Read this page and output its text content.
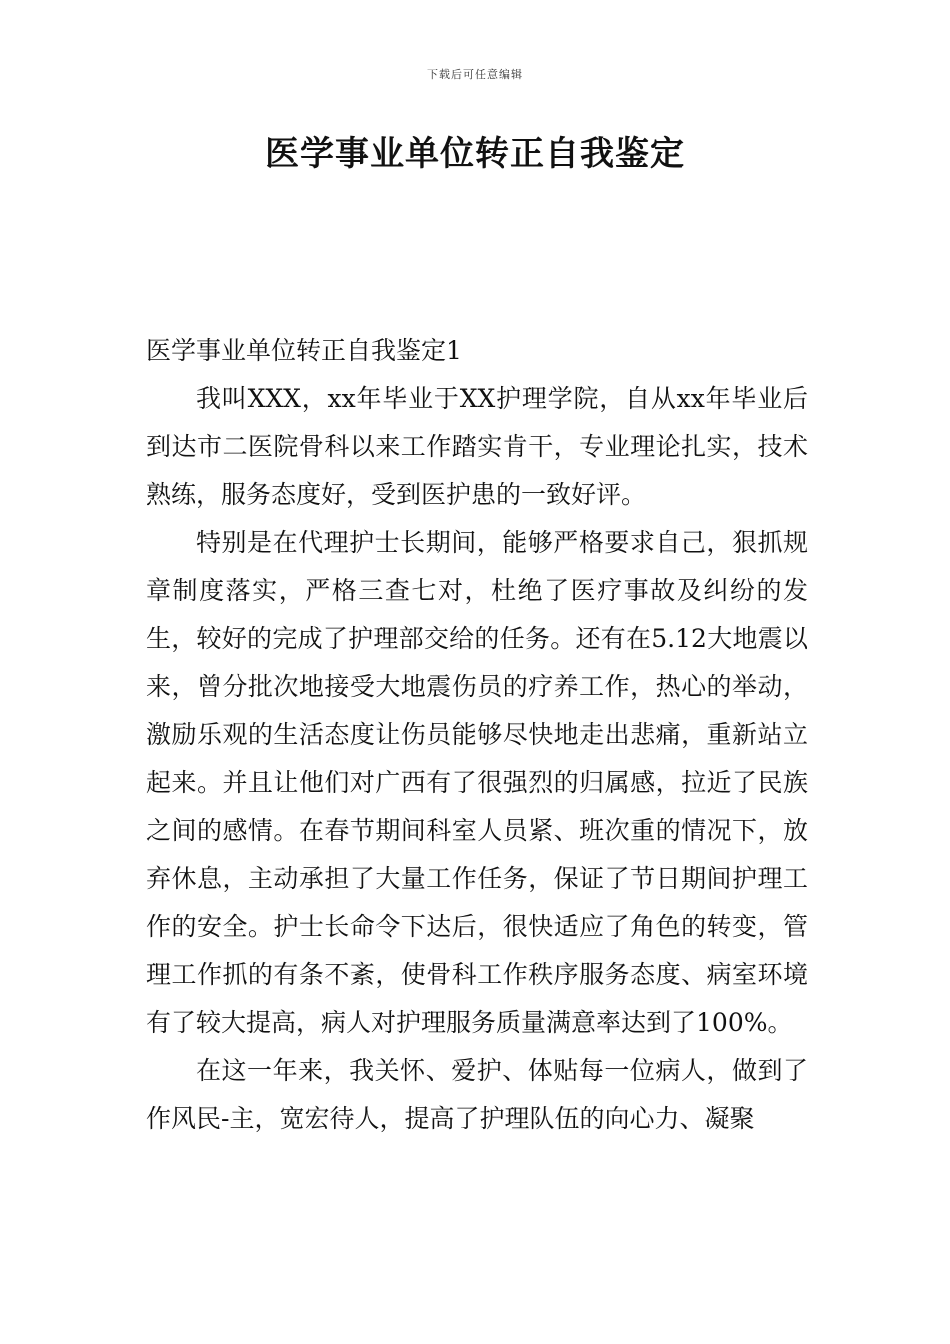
下载后可任意编辑
医学事业单位转正自我鉴定

医学事业单位转正自我鉴定1

我叫XXX，xx年毕业于XX护理学院，自从xx年毕业后到达市二医院骨科以来工作踏实肯干，专业理论扎实，技术熟练，服务态度好，受到医护患的一致好评。

特别是在代理护士长期间，能够严格要求自己，狠抓规章制度落实，严格三查七对，杜绝了医疗事故及纠纷的发生，较好的完成了护理部交给的任务。还有在5.12大地震以来，曾分批次地接受大地震伤员的疗养工作，热心的举动，激励乐观的生活态度让伤员能够尽快地走出悲痛，重新站立起来。并且让他们对广西有了很强烈的归属感，拉近了民族之间的感情。在春节期间科室人员紧、班次重的情况下，放弃休息，主动承担了大量工作任务，保证了节日期间护理工作的安全。护士长命令下达后，很快适应了角色的转变，管理工作抓的有条不紊，使骨科工作秩序服务态度、病室环境有了较大提高，病人对护理服务质量满意率达到了100%。

在这一年来，我关怀、爱护、体贴每一位病人，做到了作风民-主，宽宏待人，提高了护理队伍的向心力、凝聚
